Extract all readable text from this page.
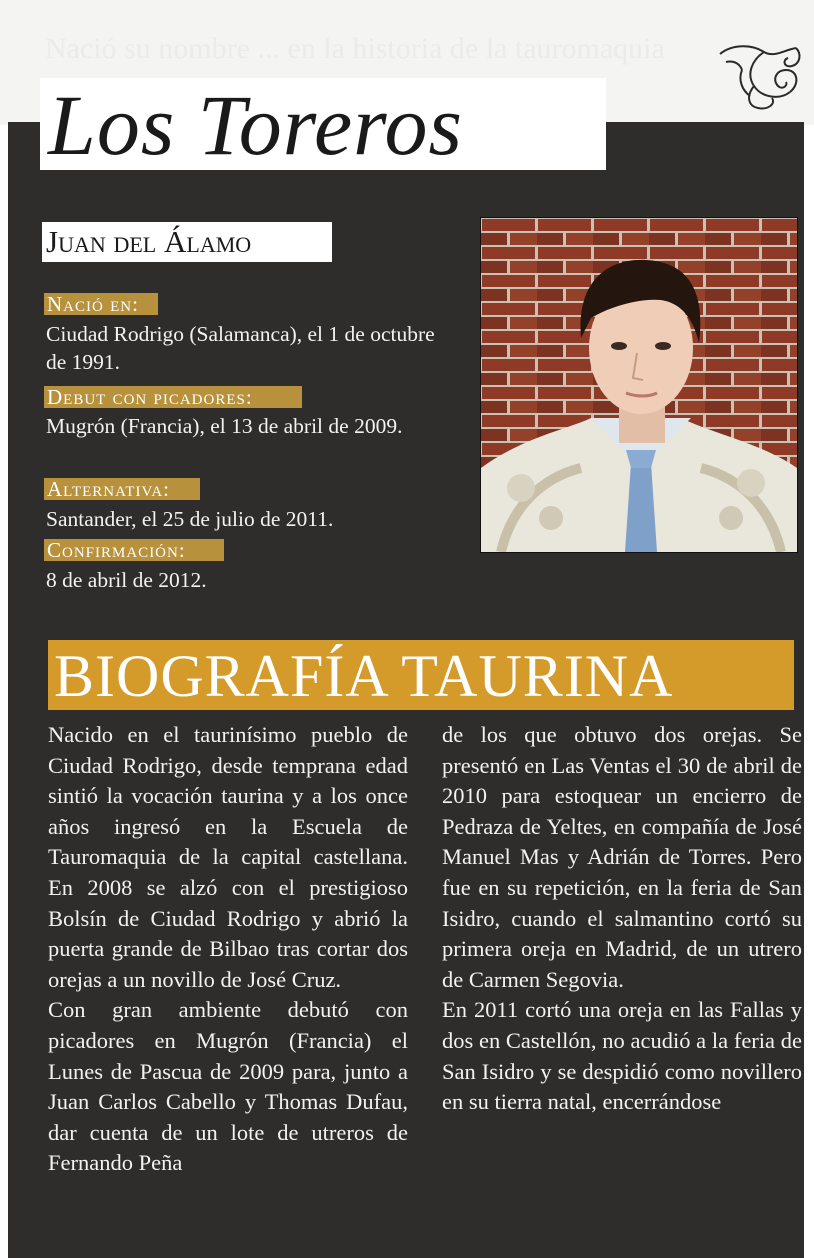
Nació su nombre ... en la historia de la tauromaquia
Los Toreros
Juan del Álamo
Nació en:
Ciudad Rodrigo (Salamanca), el 1 de octubre de 1991.
Debut con picadores:
Mugrón (Francia), el 13 de abril de 2009.
Alternativa:
Santander, el 25 de julio de 2011.
Confirmación:
8 de abril de 2012.
BIOGRAFÍA TAURINA

Nacido en el taurinísimo pueblo de Ciudad Rodrigo, desde temprana edad sintió la vocación taurina y a los once años ingresó en la Escuela de Tauromaquia de la capital castellana. En 2008 se alzó con el prestigioso Bolsín de Ciudad Rodrigo y abrió la puerta grande de Bilbao tras cortar dos orejas a un novillo de José Cruz.

Con gran ambiente debutó con picadores en Mugrón (Francia) el Lunes de Pascua de 2009 para, junto a Juan Carlos Cabello y Thomas Dufau, dar cuenta de un lote de utreros de Fernando Peña

de los que obtuvo dos orejas. Se presentó en Las Ventas el 30 de abril de 2010 para estoquear un encierro de Pedraza de Yeltes, en compañía de José Manuel Mas y Adrián de Torres. Pero fue en su repetición, en la feria de San Isidro, cuando el salmantino cortó su primera oreja en Madrid, de un utrero de Carmen Segovia.

En 2011 cortó una oreja en las Fallas y dos en Castellón, no acudió a la feria de San Isidro y se despidió como novillero en su tierra natal, encerrándose
